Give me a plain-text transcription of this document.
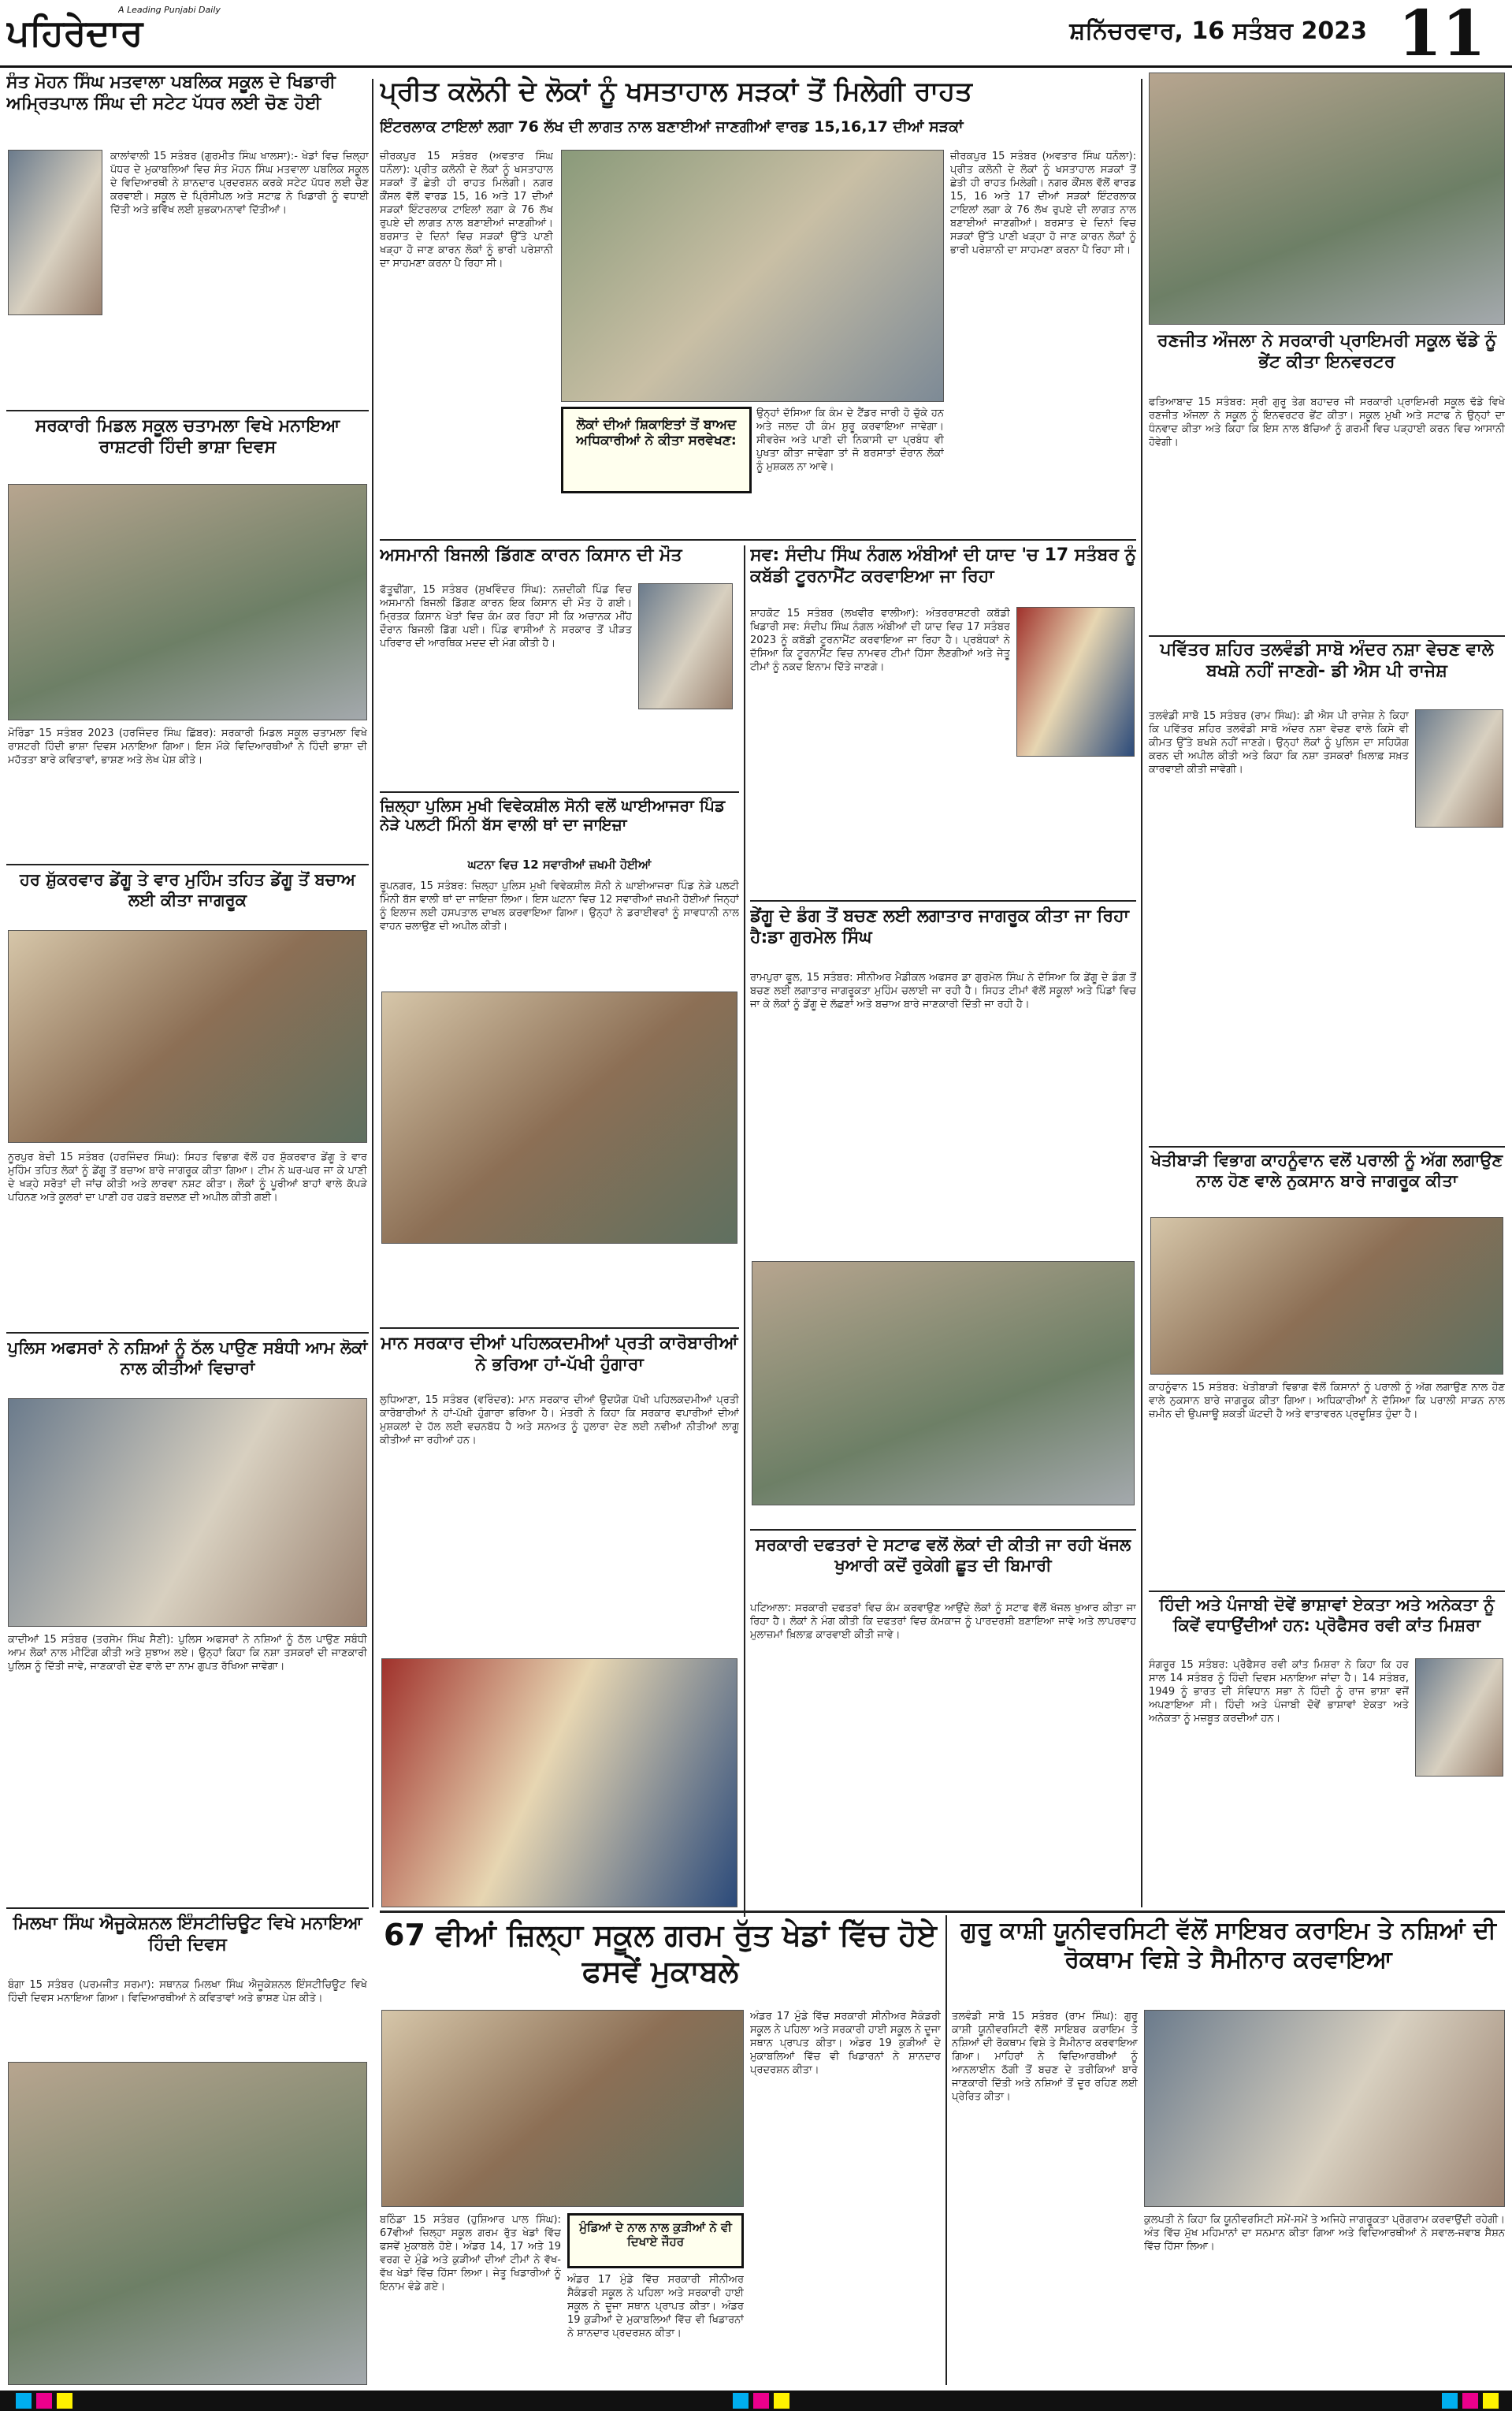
ਪਹਿਰੇਦਾਰ
A Leading Punjabi Daily
ਸ਼ਨਿੱਚਰਵਾਰ, 16 ਸਤੰਬਰ 2023 11
ਸੰਤ ਮੋਹਨ ਸਿੰਘ ਮਤਵਾਲਾ ਪਬਲਿਕ ਸਕੂਲ ਦੇ ਖਿਡਾਰੀ ਅਮ੍ਰਿਤਪਾਲ ਸਿੰਘ ਦੀ ਸਟੇਟ ਪੱਧਰ ਲਈ ਚੋਣ ਹੋਈ
ਕਾਲਾਂਵਾਲੀ 15 ਸਤੰਬਰ (ਗੁਰਮੀਤ ਸਿੰਘ ਖਾਲਸਾ):- ਖੇਡਾਂ ਵਿਚ ਜ਼ਿਲ੍ਹਾ ਪੱਧਰ ਦੇ ਮੁਕਾਬਲਿਆਂ ਵਿਚ ਸੰਤ ਮੋਹਨ ਸਿੰਘ ਮਤਵਾਲਾ ਪਬਲਿਕ ਸਕੂਲ ਦੇ ਵਿਦਿਆਰਥੀ ਨੇ ਸ਼ਾਨਦਾਰ ਪ੍ਰਦਰਸ਼ਨ ਕਰਕੇ ਸਟੇਟ ਪੱਧਰ ਲਈ ਚੋਣ ਕਰਵਾਈ। ਸਕੂਲ ਦੇ ਪ੍ਰਿੰਸੀਪਲ ਅਤੇ ਸਟਾਫ਼ ਨੇ ਖਿਡਾਰੀ ਨੂੰ ਵਧਾਈ ਦਿੱਤੀ ਅਤੇ ਭਵਿੱਖ ਲਈ ਸ਼ੁਭਕਾਮਨਾਵਾਂ ਦਿੱਤੀਆਂ।
ਸਰਕਾਰੀ ਮਿਡਲ ਸਕੂਲ ਚਤਾਮਲਾ ਵਿਖੇ ਮਨਾਇਆ ਰਾਸ਼ਟਰੀ ਹਿੰਦੀ ਭਾਸ਼ਾ ਦਿਵਸ
ਮੋਰਿੰਡਾ 15 ਸਤੰਬਰ 2023 (ਹਰਜਿੰਦਰ ਸਿੰਘ ਛਿੱਬਰ): ਸਰਕਾਰੀ ਮਿਡਲ ਸਕੂਲ ਚਤਾਮਲਾ ਵਿਖੇ ਰਾਸ਼ਟਰੀ ਹਿੰਦੀ ਭਾਸ਼ਾ ਦਿਵਸ ਮਨਾਇਆ ਗਿਆ। ਇਸ ਮੌਕੇ ਵਿਦਿਆਰਥੀਆਂ ਨੇ ਹਿੰਦੀ ਭਾਸ਼ਾ ਦੀ ਮਹੱਤਤਾ ਬਾਰੇ ਕਵਿਤਾਵਾਂ, ਭਾਸ਼ਣ ਅਤੇ ਲੇਖ ਪੇਸ਼ ਕੀਤੇ।
ਹਰ ਸ਼ੁੱਕਰਵਾਰ ਡੇਂਗੂ ਤੇ ਵਾਰ ਮੁਹਿੰਮ ਤਹਿਤ ਡੇਂਗੂ ਤੋਂ ਬਚਾਅ ਲਈ ਕੀਤਾ ਜਾਗਰੂਕ
ਨੂਰਪੁਰ ਬੇਦੀ 15 ਸਤੰਬਰ (ਹਰਜਿੰਦਰ ਸਿੰਘ): ਸਿਹਤ ਵਿਭਾਗ ਵੱਲੋਂ ਹਰ ਸ਼ੁੱਕਰਵਾਰ ਡੇਂਗੂ ਤੇ ਵਾਰ ਮੁਹਿੰਮ ਤਹਿਤ ਲੋਕਾਂ ਨੂੰ ਡੇਂਗੂ ਤੋਂ ਬਚਾਅ ਬਾਰੇ ਜਾਗਰੂਕ ਕੀਤਾ ਗਿਆ। ਟੀਮ ਨੇ ਘਰ-ਘਰ ਜਾ ਕੇ ਪਾਣੀ ਦੇ ਖੜ੍ਹੇ ਸਰੋਤਾਂ ਦੀ ਜਾਂਚ ਕੀਤੀ ਅਤੇ ਲਾਰਵਾ ਨਸ਼ਟ ਕੀਤਾ। ਲੋਕਾਂ ਨੂੰ ਪੂਰੀਆਂ ਬਾਹਾਂ ਵਾਲੇ ਕੱਪੜੇ ਪਹਿਨਣ ਅਤੇ ਕੂਲਰਾਂ ਦਾ ਪਾਣੀ ਹਰ ਹਫ਼ਤੇ ਬਦਲਣ ਦੀ ਅਪੀਲ ਕੀਤੀ ਗਈ।
ਪੁਲਿਸ ਅਫਸਰਾਂ ਨੇ ਨਸ਼ਿਆਂ ਨੂੰ ਠੱਲ ਪਾਉਣ ਸਬੰਧੀ ਆਮ ਲੋਕਾਂ ਨਾਲ ਕੀਤੀਆਂ ਵਿਚਾਰਾਂ
ਕਾਦੀਆਂ 15 ਸਤੰਬਰ (ਤਰਸੇਮ ਸਿੰਘ ਸੈਣੀ): ਪੁਲਿਸ ਅਫਸਰਾਂ ਨੇ ਨਸ਼ਿਆਂ ਨੂੰ ਠੱਲ ਪਾਉਣ ਸਬੰਧੀ ਆਮ ਲੋਕਾਂ ਨਾਲ ਮੀਟਿੰਗ ਕੀਤੀ ਅਤੇ ਸੁਝਾਅ ਲਏ। ਉਨ੍ਹਾਂ ਕਿਹਾ ਕਿ ਨਸ਼ਾ ਤਸਕਰਾਂ ਦੀ ਜਾਣਕਾਰੀ ਪੁਲਿਸ ਨੂੰ ਦਿੱਤੀ ਜਾਵੇ, ਜਾਣਕਾਰੀ ਦੇਣ ਵਾਲੇ ਦਾ ਨਾਮ ਗੁਪਤ ਰੱਖਿਆ ਜਾਵੇਗਾ।
ਮਿਲਖਾ ਸਿੰਘ ਐਜੂਕੇਸ਼ਨਲ ਇੰਸਟੀਚਿਊਟ ਵਿਖੇ ਮਨਾਇਆ ਹਿੰਦੀ ਦਿਵਸ
ਬੰਗਾ 15 ਸਤੰਬਰ (ਪਰਮਜੀਤ ਸਰਮਾ): ਸਥਾਨਕ ਮਿਲਖਾ ਸਿੰਘ ਐਜੂਕੇਸ਼ਨਲ ਇੰਸਟੀਚਿਊਟ ਵਿਖੇ ਹਿੰਦੀ ਦਿਵਸ ਮਨਾਇਆ ਗਿਆ। ਵਿਦਿਆਰਥੀਆਂ ਨੇ ਕਵਿਤਾਵਾਂ ਅਤੇ ਭਾਸ਼ਣ ਪੇਸ਼ ਕੀਤੇ।
ਪ੍ਰੀਤ ਕਲੋਨੀ ਦੇ ਲੋਕਾਂ ਨੂੰ ਖਸਤਾਹਾਲ ਸੜਕਾਂ ਤੋਂ ਮਿਲੇਗੀ ਰਾਹਤ
ਇੰਟਰਲਾਕ ਟਾਇਲਾਂ ਲਗਾ 76 ਲੱਖ ਦੀ ਲਾਗਤ ਨਾਲ ਬਣਾਈਆਂ ਜਾਣਗੀਆਂ ਵਾਰਡ 15,16,17 ਦੀਆਂ ਸੜਕਾਂ
ਜ਼ੀਰਕਪੁਰ 15 ਸਤੰਬਰ (ਅਵਤਾਰ ਸਿੰਘ ਧਨੌਲਾ): ਪ੍ਰੀਤ ਕਲੋਨੀ ਦੇ ਲੋਕਾਂ ਨੂੰ ਖਸਤਾਹਾਲ ਸੜਕਾਂ ਤੋਂ ਛੇਤੀ ਹੀ ਰਾਹਤ ਮਿਲੇਗੀ। ਨਗਰ ਕੌਂਸਲ ਵੱਲੋਂ ਵਾਰਡ 15, 16 ਅਤੇ 17 ਦੀਆਂ ਸੜਕਾਂ ਇੰਟਰਲਾਕ ਟਾਇਲਾਂ ਲਗਾ ਕੇ 76 ਲੱਖ ਰੁਪਏ ਦੀ ਲਾਗਤ ਨਾਲ ਬਣਾਈਆਂ ਜਾਣਗੀਆਂ। ਬਰਸਾਤ ਦੇ ਦਿਨਾਂ ਵਿਚ ਸੜਕਾਂ ਉੱਤੇ ਪਾਣੀ ਖੜ੍ਹਾ ਹੋ ਜਾਣ ਕਾਰਨ ਲੋਕਾਂ ਨੂੰ ਭਾਰੀ ਪਰੇਸ਼ਾਨੀ ਦਾ ਸਾਹਮਣਾ ਕਰਨਾ ਪੈ ਰਿਹਾ ਸੀ।
ਲੋਕਾਂ ਦੀਆਂ ਸ਼ਿਕਾਇਤਾਂ ਤੋਂ ਬਾਅਦ ਅਧਿਕਾਰੀਆਂ ਨੇ ਕੀਤਾ ਸਰਵੇਖਣ:
ਉਨ੍ਹਾਂ ਦੱਸਿਆ ਕਿ ਕੰਮ ਦੇ ਟੈਂਡਰ ਜਾਰੀ ਹੋ ਚੁੱਕੇ ਹਨ ਅਤੇ ਜਲਦ ਹੀ ਕੰਮ ਸ਼ੁਰੂ ਕਰਵਾਇਆ ਜਾਵੇਗਾ। ਸੀਵਰੇਜ ਅਤੇ ਪਾਣੀ ਦੀ ਨਿਕਾਸੀ ਦਾ ਪ੍ਰਬੰਧ ਵੀ ਪੁਖਤਾ ਕੀਤਾ ਜਾਵੇਗਾ ਤਾਂ ਜੋ ਬਰਸਾਤਾਂ ਦੌਰਾਨ ਲੋਕਾਂ ਨੂੰ ਮੁਸ਼ਕਲ ਨਾ ਆਵੇ।
ਜ਼ੀਰਕਪੁਰ 15 ਸਤੰਬਰ (ਅਵਤਾਰ ਸਿੰਘ ਧਨੌਲਾ): ਪ੍ਰੀਤ ਕਲੋਨੀ ਦੇ ਲੋਕਾਂ ਨੂੰ ਖਸਤਾਹਾਲ ਸੜਕਾਂ ਤੋਂ ਛੇਤੀ ਹੀ ਰਾਹਤ ਮਿਲੇਗੀ। ਨਗਰ ਕੌਂਸਲ ਵੱਲੋਂ ਵਾਰਡ 15, 16 ਅਤੇ 17 ਦੀਆਂ ਸੜਕਾਂ ਇੰਟਰਲਾਕ ਟਾਇਲਾਂ ਲਗਾ ਕੇ 76 ਲੱਖ ਰੁਪਏ ਦੀ ਲਾਗਤ ਨਾਲ ਬਣਾਈਆਂ ਜਾਣਗੀਆਂ। ਬਰਸਾਤ ਦੇ ਦਿਨਾਂ ਵਿਚ ਸੜਕਾਂ ਉੱਤੇ ਪਾਣੀ ਖੜ੍ਹਾ ਹੋ ਜਾਣ ਕਾਰਨ ਲੋਕਾਂ ਨੂੰ ਭਾਰੀ ਪਰੇਸ਼ਾਨੀ ਦਾ ਸਾਹਮਣਾ ਕਰਨਾ ਪੈ ਰਿਹਾ ਸੀ।
ਅਸਮਾਨੀ ਬਿਜਲੀ ਡਿੱਗਣ ਕਾਰਨ ਕਿਸਾਨ ਦੀ ਮੌਤ
ਫੱਤੂਢੀਂਗਾ, 15 ਸਤੰਬਰ (ਸੁਖਵਿੰਦਰ ਸਿੰਘ): ਨਜ਼ਦੀਕੀ ਪਿੰਡ ਵਿਚ ਅਸਮਾਨੀ ਬਿਜਲੀ ਡਿੱਗਣ ਕਾਰਨ ਇਕ ਕਿਸਾਨ ਦੀ ਮੌਤ ਹੋ ਗਈ। ਮ੍ਰਿਤਕ ਕਿਸਾਨ ਖੇਤਾਂ ਵਿਚ ਕੰਮ ਕਰ ਰਿਹਾ ਸੀ ਕਿ ਅਚਾਨਕ ਮੀਂਹ ਦੌਰਾਨ ਬਿਜਲੀ ਡਿੱਗ ਪਈ। ਪਿੰਡ ਵਾਸੀਆਂ ਨੇ ਸਰਕਾਰ ਤੋਂ ਪੀੜਤ ਪਰਿਵਾਰ ਦੀ ਆਰਥਿਕ ਮਦਦ ਦੀ ਮੰਗ ਕੀਤੀ ਹੈ।
ਜ਼ਿਲ੍ਹਾ ਪੁਲਿਸ ਮੁਖੀ ਵਿਵੇਕਸ਼ੀਲ ਸੋਨੀ ਵਲੋਂ ਘਾਈਆਜਰਾ ਪਿੰਡ ਨੇੜੇ ਪਲਟੀ ਮਿੰਨੀ ਬੱਸ ਵਾਲੀ ਥਾਂ ਦਾ ਜਾਇਜ਼ਾ
ਘਟਨਾ ਵਿਚ 12 ਸਵਾਰੀਆਂ ਜ਼ਖਮੀ ਹੋਈਆਂ
ਰੂਪਨਗਰ, 15 ਸਤੰਬਰ: ਜ਼ਿਲ੍ਹਾ ਪੁਲਿਸ ਮੁਖੀ ਵਿਵੇਕਸ਼ੀਲ ਸੋਨੀ ਨੇ ਘਾਈਆਜਰਾ ਪਿੰਡ ਨੇੜੇ ਪਲਟੀ ਮਿੰਨੀ ਬੱਸ ਵਾਲੀ ਥਾਂ ਦਾ ਜਾਇਜ਼ਾ ਲਿਆ। ਇਸ ਘਟਨਾ ਵਿਚ 12 ਸਵਾਰੀਆਂ ਜ਼ਖਮੀ ਹੋਈਆਂ ਜਿਨ੍ਹਾਂ ਨੂੰ ਇਲਾਜ ਲਈ ਹਸਪਤਾਲ ਦਾਖਲ ਕਰਵਾਇਆ ਗਿਆ। ਉਨ੍ਹਾਂ ਨੇ ਡਰਾਈਵਰਾਂ ਨੂੰ ਸਾਵਧਾਨੀ ਨਾਲ ਵਾਹਨ ਚਲਾਉਣ ਦੀ ਅਪੀਲ ਕੀਤੀ।
ਮਾਨ ਸਰਕਾਰ ਦੀਆਂ ਪਹਿਲਕਦਮੀਆਂ ਪ੍ਰਤੀ ਕਾਰੋਬਾਰੀਆਂ ਨੇ ਭਰਿਆ ਹਾਂ-ਪੱਖੀ ਹੁੰਗਾਰਾ
ਲੁਧਿਆਣਾ, 15 ਸਤੰਬਰ (ਵਰਿੰਦਰ): ਮਾਨ ਸਰਕਾਰ ਦੀਆਂ ਉਦਯੋਗ ਪੱਖੀ ਪਹਿਲਕਦਮੀਆਂ ਪ੍ਰਤੀ ਕਾਰੋਬਾਰੀਆਂ ਨੇ ਹਾਂ-ਪੱਖੀ ਹੁੰਗਾਰਾ ਭਰਿਆ ਹੈ। ਮੰਤਰੀ ਨੇ ਕਿਹਾ ਕਿ ਸਰਕਾਰ ਵਪਾਰੀਆਂ ਦੀਆਂ ਮੁਸ਼ਕਲਾਂ ਦੇ ਹੱਲ ਲਈ ਵਚਨਬੱਧ ਹੈ ਅਤੇ ਸਨਅਤ ਨੂੰ ਹੁਲਾਰਾ ਦੇਣ ਲਈ ਨਵੀਆਂ ਨੀਤੀਆਂ ਲਾਗੂ ਕੀਤੀਆਂ ਜਾ ਰਹੀਆਂ ਹਨ।
ਸਵ: ਸੰਦੀਪ ਸਿੰਘ ਨੰਗਲ ਅੰਬੀਆਂ ਦੀ ਯਾਦ 'ਚ 17 ਸਤੰਬਰ ਨੂੰ ਕਬੱਡੀ ਟੂਰਨਾਮੈਂਟ ਕਰਵਾਇਆ ਜਾ ਰਿਹਾ
ਸ਼ਾਹਕੋਟ 15 ਸਤੰਬਰ (ਲਖਵੀਰ ਵਾਲੀਆ): ਅੰਤਰਰਾਸ਼ਟਰੀ ਕਬੱਡੀ ਖਿਡਾਰੀ ਸਵ: ਸੰਦੀਪ ਸਿੰਘ ਨੰਗਲ ਅੰਬੀਆਂ ਦੀ ਯਾਦ ਵਿਚ 17 ਸਤੰਬਰ 2023 ਨੂੰ ਕਬੱਡੀ ਟੂਰਨਾਮੈਂਟ ਕਰਵਾਇਆ ਜਾ ਰਿਹਾ ਹੈ। ਪ੍ਰਬੰਧਕਾਂ ਨੇ ਦੱਸਿਆ ਕਿ ਟੂਰਨਾਮੈਂਟ ਵਿਚ ਨਾਮਵਰ ਟੀਮਾਂ ਹਿੱਸਾ ਲੈਣਗੀਆਂ ਅਤੇ ਜੇਤੂ ਟੀਮਾਂ ਨੂੰ ਨਕਦ ਇਨਾਮ ਦਿੱਤੇ ਜਾਣਗੇ।
ਡੇਂਗੂ ਦੇ ਡੰਗ ਤੋਂ ਬਚਣ ਲਈ ਲਗਾਤਾਰ ਜਾਗਰੂਕ ਕੀਤਾ ਜਾ ਰਿਹਾ ਹੈ:ਡਾ ਗੁਰਮੇਲ ਸਿੰਘ
ਰਾਮਪੁਰਾ ਫੂਲ, 15 ਸਤੰਬਰ: ਸੀਨੀਅਰ ਮੈਡੀਕਲ ਅਫਸਰ ਡਾ ਗੁਰਮੇਲ ਸਿੰਘ ਨੇ ਦੱਸਿਆ ਕਿ ਡੇਂਗੂ ਦੇ ਡੰਗ ਤੋਂ ਬਚਣ ਲਈ ਲਗਾਤਾਰ ਜਾਗਰੂਕਤਾ ਮੁਹਿੰਮ ਚਲਾਈ ਜਾ ਰਹੀ ਹੈ। ਸਿਹਤ ਟੀਮਾਂ ਵੱਲੋਂ ਸਕੂਲਾਂ ਅਤੇ ਪਿੰਡਾਂ ਵਿਚ ਜਾ ਕੇ ਲੋਕਾਂ ਨੂੰ ਡੇਂਗੂ ਦੇ ਲੱਛਣਾਂ ਅਤੇ ਬਚਾਅ ਬਾਰੇ ਜਾਣਕਾਰੀ ਦਿੱਤੀ ਜਾ ਰਹੀ ਹੈ।
ਸਰਕਾਰੀ ਦਫਤਰਾਂ ਦੇ ਸਟਾਫ ਵਲੋਂ ਲੋਕਾਂ ਦੀ ਕੀਤੀ ਜਾ ਰਹੀ ਖੱਜਲ ਖੁਆਰੀ ਕਦੋਂ ਰੁਕੇਗੀ ਛੂਤ ਦੀ ਬਿਮਾਰੀ
ਪਟਿਆਲਾ: ਸਰਕਾਰੀ ਦਫਤਰਾਂ ਵਿਚ ਕੰਮ ਕਰਵਾਉਣ ਆਉਂਦੇ ਲੋਕਾਂ ਨੂੰ ਸਟਾਫ ਵੱਲੋਂ ਖੱਜਲ ਖੁਆਰ ਕੀਤਾ ਜਾ ਰਿਹਾ ਹੈ। ਲੋਕਾਂ ਨੇ ਮੰਗ ਕੀਤੀ ਕਿ ਦਫਤਰਾਂ ਵਿਚ ਕੰਮਕਾਜ ਨੂੰ ਪਾਰਦਰਸ਼ੀ ਬਣਾਇਆ ਜਾਵੇ ਅਤੇ ਲਾਪਰਵਾਹ ਮੁਲਾਜ਼ਮਾਂ ਖ਼ਿਲਾਫ਼ ਕਾਰਵਾਈ ਕੀਤੀ ਜਾਵੇ।
ਰਣਜੀਤ ਔਜਲਾ ਨੇ ਸਰਕਾਰੀ ਪ੍ਰਾਇਮਰੀ ਸਕੂਲ ਢੱਡੇ ਨੂੰ ਭੇਂਟ ਕੀਤਾ ਇਨਵਰਟਰ
ਫਤਿਆਬਾਦ 15 ਸਤੰਬਰ: ਸ੍ਰੀ ਗੁਰੂ ਤੇਗ ਬਹਾਦਰ ਜੀ ਸਰਕਾਰੀ ਪ੍ਰਾਇਮਰੀ ਸਕੂਲ ਢੱਡੇ ਵਿਖੇ ਰਣਜੀਤ ਔਜਲਾ ਨੇ ਸਕੂਲ ਨੂੰ ਇਨਵਰਟਰ ਭੇਂਟ ਕੀਤਾ। ਸਕੂਲ ਮੁਖੀ ਅਤੇ ਸਟਾਫ ਨੇ ਉਨ੍ਹਾਂ ਦਾ ਧੰਨਵਾਦ ਕੀਤਾ ਅਤੇ ਕਿਹਾ ਕਿ ਇਸ ਨਾਲ ਬੱਚਿਆਂ ਨੂੰ ਗਰਮੀ ਵਿਚ ਪੜ੍ਹਾਈ ਕਰਨ ਵਿਚ ਆਸਾਨੀ ਹੋਵੇਗੀ।
ਪਵਿੱਤਰ ਸ਼ਹਿਰ ਤਲਵੰਡੀ ਸਾਬੋ ਅੰਦਰ ਨਸ਼ਾ ਵੇਚਣ ਵਾਲੇ ਬਖਸ਼ੇ ਨਹੀਂ ਜਾਣਗੇ- ਡੀ ਐਸ ਪੀ ਰਾਜੇਸ਼
ਤਲਵੰਡੀ ਸਾਬੋ 15 ਸਤੰਬਰ (ਰਾਮ ਸਿੰਘ): ਡੀ ਐਸ ਪੀ ਰਾਜੇਸ਼ ਨੇ ਕਿਹਾ ਕਿ ਪਵਿੱਤਰ ਸ਼ਹਿਰ ਤਲਵੰਡੀ ਸਾਬੋ ਅੰਦਰ ਨਸ਼ਾ ਵੇਚਣ ਵਾਲੇ ਕਿਸੇ ਵੀ ਕੀਮਤ ਉੱਤੇ ਬਖਸ਼ੇ ਨਹੀਂ ਜਾਣਗੇ। ਉਨ੍ਹਾਂ ਲੋਕਾਂ ਨੂੰ ਪੁਲਿਸ ਦਾ ਸਹਿਯੋਗ ਕਰਨ ਦੀ ਅਪੀਲ ਕੀਤੀ ਅਤੇ ਕਿਹਾ ਕਿ ਨਸ਼ਾ ਤਸਕਰਾਂ ਖ਼ਿਲਾਫ਼ ਸਖ਼ਤ ਕਾਰਵਾਈ ਕੀਤੀ ਜਾਵੇਗੀ।
ਖੇਤੀਬਾੜੀ ਵਿਭਾਗ ਕਾਹਨੂੰਵਾਨ ਵਲੋਂ ਪਰਾਲੀ ਨੂੰ ਅੱਗ ਲਗਾਉਣ ਨਾਲ ਹੋਣ ਵਾਲੇ ਨੁਕਸਾਨ ਬਾਰੇ ਜਾਗਰੂਕ ਕੀਤਾ
ਕਾਹਨੂੰਵਾਨ 15 ਸਤੰਬਰ: ਖੇਤੀਬਾੜੀ ਵਿਭਾਗ ਵੱਲੋਂ ਕਿਸਾਨਾਂ ਨੂੰ ਪਰਾਲੀ ਨੂੰ ਅੱਗ ਲਗਾਉਣ ਨਾਲ ਹੋਣ ਵਾਲੇ ਨੁਕਸਾਨ ਬਾਰੇ ਜਾਗਰੂਕ ਕੀਤਾ ਗਿਆ। ਅਧਿਕਾਰੀਆਂ ਨੇ ਦੱਸਿਆ ਕਿ ਪਰਾਲੀ ਸਾੜਨ ਨਾਲ ਜ਼ਮੀਨ ਦੀ ਉਪਜਾਊ ਸ਼ਕਤੀ ਘੱਟਦੀ ਹੈ ਅਤੇ ਵਾਤਾਵਰਨ ਪ੍ਰਦੂਸ਼ਿਤ ਹੁੰਦਾ ਹੈ।
ਹਿੰਦੀ ਅਤੇ ਪੰਜਾਬੀ ਦੋਵੇਂ ਭਾਸ਼ਾਵਾਂ ਏਕਤਾ ਅਤੇ ਅਨੇਕਤਾ ਨੂੰ ਕਿਵੇਂ ਵਧਾਉਂਦੀਆਂ ਹਨ: ਪ੍ਰੋਫੈਸਰ ਰਵੀ ਕਾਂਤ ਮਿਸ਼ਰਾ
ਸੰਗਰੂਰ 15 ਸਤੰਬਰ: ਪ੍ਰੋਫੈਸਰ ਰਵੀ ਕਾਂਤ ਮਿਸ਼ਰਾ ਨੇ ਕਿਹਾ ਕਿ ਹਰ ਸਾਲ 14 ਸਤੰਬਰ ਨੂੰ ਹਿੰਦੀ ਦਿਵਸ ਮਨਾਇਆ ਜਾਂਦਾ ਹੈ। 14 ਸਤੰਬਰ, 1949 ਨੂੰ ਭਾਰਤ ਦੀ ਸੰਵਿਧਾਨ ਸਭਾ ਨੇ ਹਿੰਦੀ ਨੂੰ ਰਾਜ ਭਾਸ਼ਾ ਵਜੋਂ ਅਪਣਾਇਆ ਸੀ। ਹਿੰਦੀ ਅਤੇ ਪੰਜਾਬੀ ਦੋਵੇਂ ਭਾਸ਼ਾਵਾਂ ਏਕਤਾ ਅਤੇ ਅਨੇਕਤਾ ਨੂੰ ਮਜ਼ਬੂਤ ਕਰਦੀਆਂ ਹਨ।
67 ਵੀਆਂ ਜ਼ਿਲ੍ਹਾ ਸਕੂਲ ਗਰਮ ਰੁੱਤ ਖੇਡਾਂ ਵਿੱਚ ਹੋਏ ਫਸਵੇਂ ਮੁਕਾਬਲੇ
ਅੰਡਰ 17 ਮੁੰਡੇ ਵਿੱਚ ਸਰਕਾਰੀ ਸੀਨੀਅਰ ਸੈਕੰਡਰੀ ਸਕੂਲ ਨੇ ਪਹਿਲਾ ਅਤੇ ਸਰਕਾਰੀ ਹਾਈ ਸਕੂਲ ਨੇ ਦੂਜਾ ਸਥਾਨ ਪ੍ਰਾਪਤ ਕੀਤਾ। ਅੰਡਰ 19 ਕੁੜੀਆਂ ਦੇ ਮੁਕਾਬਲਿਆਂ ਵਿੱਚ ਵੀ ਖਿਡਾਰਨਾਂ ਨੇ ਸ਼ਾਨਦਾਰ ਪ੍ਰਦਰਸ਼ਨ ਕੀਤਾ।
ਬਠਿੰਡਾ 15 ਸਤੰਬਰ (ਹੁਸ਼ਿਆਰ ਪਾਲ ਸਿੰਘ): 67ਵੀਆਂ ਜ਼ਿਲ੍ਹਾ ਸਕੂਲ ਗਰਮ ਰੁੱਤ ਖੇਡਾਂ ਵਿੱਚ ਫਸਵੇਂ ਮੁਕਾਬਲੇ ਹੋਏ। ਅੰਡਰ 14, 17 ਅਤੇ 19 ਵਰਗ ਦੇ ਮੁੰਡੇ ਅਤੇ ਕੁੜੀਆਂ ਦੀਆਂ ਟੀਮਾਂ ਨੇ ਵੱਖ-ਵੱਖ ਖੇਡਾਂ ਵਿੱਚ ਹਿੱਸਾ ਲਿਆ। ਜੇਤੂ ਖਿਡਾਰੀਆਂ ਨੂੰ ਇਨਾਮ ਵੰਡੇ ਗਏ।
ਮੁੰਡਿਆਂ ਦੇ ਨਾਲ ਨਾਲ ਕੁੜੀਆਂ ਨੇ ਵੀ ਦਿਖਾਏ ਜੌਹਰ
ਅੰਡਰ 17 ਮੁੰਡੇ ਵਿੱਚ ਸਰਕਾਰੀ ਸੀਨੀਅਰ ਸੈਕੰਡਰੀ ਸਕੂਲ ਨੇ ਪਹਿਲਾ ਅਤੇ ਸਰਕਾਰੀ ਹਾਈ ਸਕੂਲ ਨੇ ਦੂਜਾ ਸਥਾਨ ਪ੍ਰਾਪਤ ਕੀਤਾ। ਅੰਡਰ 19 ਕੁੜੀਆਂ ਦੇ ਮੁਕਾਬਲਿਆਂ ਵਿੱਚ ਵੀ ਖਿਡਾਰਨਾਂ ਨੇ ਸ਼ਾਨਦਾਰ ਪ੍ਰਦਰਸ਼ਨ ਕੀਤਾ।
ਗੁਰੂ ਕਾਸ਼ੀ ਯੂਨੀਵਰਸਿਟੀ ਵੱਲੋਂ ਸਾਇਬਰ ਕਰਾਇਮ ਤੇ ਨਸ਼ਿਆਂ ਦੀ ਰੋਕਥਾਮ ਵਿਸ਼ੇ ਤੇ ਸੈਮੀਨਾਰ ਕਰਵਾਇਆ
ਤਲਵੰਡੀ ਸਾਬੋ 15 ਸਤੰਬਰ (ਰਾਮ ਸਿੰਘ): ਗੁਰੂ ਕਾਸ਼ੀ ਯੂਨੀਵਰਸਿਟੀ ਵੱਲੋਂ ਸਾਇਬਰ ਕਰਾਇਮ ਤੇ ਨਸ਼ਿਆਂ ਦੀ ਰੋਕਥਾਮ ਵਿਸ਼ੇ ਤੇ ਸੈਮੀਨਾਰ ਕਰਵਾਇਆ ਗਿਆ। ਮਾਹਿਰਾਂ ਨੇ ਵਿਦਿਆਰਥੀਆਂ ਨੂੰ ਆਨਲਾਈਨ ਠੱਗੀ ਤੋਂ ਬਚਣ ਦੇ ਤਰੀਕਿਆਂ ਬਾਰੇ ਜਾਣਕਾਰੀ ਦਿੱਤੀ ਅਤੇ ਨਸ਼ਿਆਂ ਤੋਂ ਦੂਰ ਰਹਿਣ ਲਈ ਪ੍ਰੇਰਿਤ ਕੀਤਾ।
ਕੁਲਪਤੀ ਨੇ ਕਿਹਾ ਕਿ ਯੂਨੀਵਰਸਿਟੀ ਸਮੇਂ-ਸਮੇਂ ਤੇ ਅਜਿਹੇ ਜਾਗਰੂਕਤਾ ਪ੍ਰੋਗਰਾਮ ਕਰਵਾਉਂਦੀ ਰਹੇਗੀ। ਅੰਤ ਵਿੱਚ ਮੁੱਖ ਮਹਿਮਾਨਾਂ ਦਾ ਸਨਮਾਨ ਕੀਤਾ ਗਿਆ ਅਤੇ ਵਿਦਿਆਰਥੀਆਂ ਨੇ ਸਵਾਲ-ਜਵਾਬ ਸੈਸ਼ਨ ਵਿੱਚ ਹਿੱਸਾ ਲਿਆ।
